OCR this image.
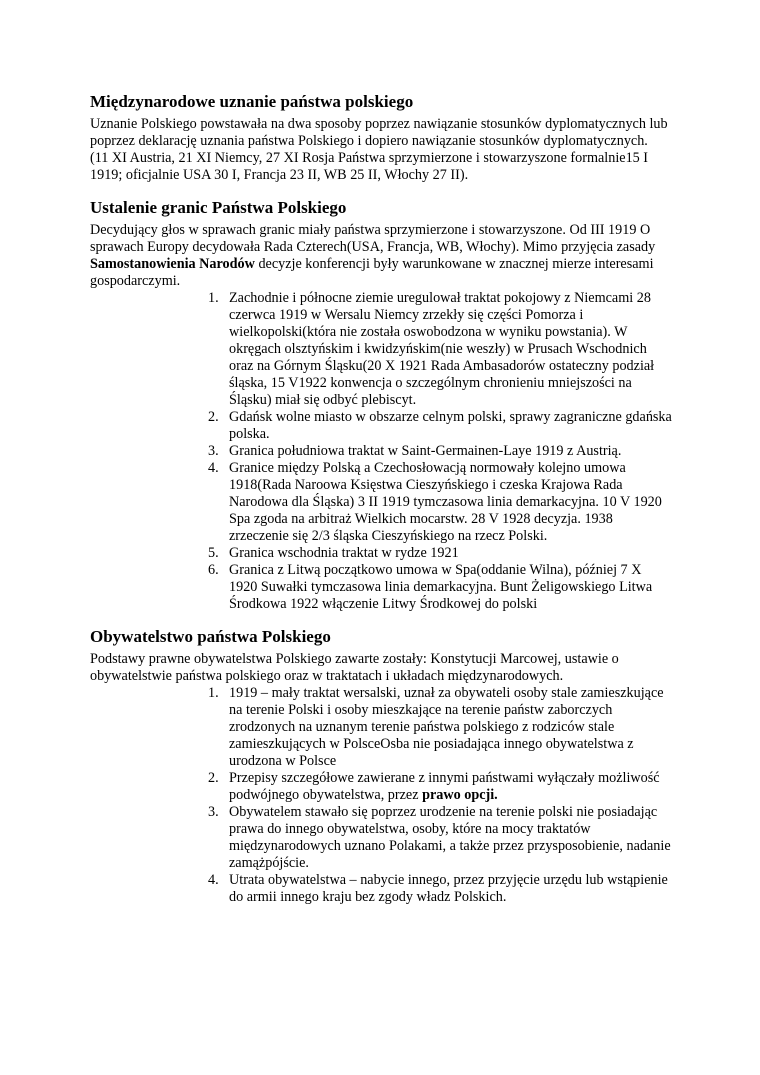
Międzynarodowe uznanie państwa polskiego

Uznanie Polskiego powstawała na dwa sposoby poprzez nawiązanie stosunków dyplomatycznych lub poprzez deklarację uznania państwa Polskiego i dopiero nawiązanie stosunków dyplomatycznych.

(11 XI Austria, 21 XI Niemcy, 27 XI Rosja Państwa sprzymierzone i stowarzyszone formalnie15 I 1919; oficjalnie USA 30 I, Francja 23 II, WB 25 II, Włochy 27 II).

Ustalenie granic Państwa Polskiego

Decydujący głos w sprawach granic miały państwa sprzymierzone i stowarzyszone. Od III 1919 O sprawach Europy decydowała Rada Czterech(USA, Francja, WB, Włochy). Mimo przyjęcia zasady Samostanowienia Narodów decyzje konferencji były warunkowane w znacznej mierze interesami gospodarczymi.

1. Zachodnie i północne ziemie uregulował traktat pokojowy z Niemcami 28 czerwca 1919 w Wersalu Niemcy zrzekły się części Pomorza i wielkopolski(która nie została oswobodzona w wyniku powstania). W okręgach olsztyńskim i kwidzyńskim(nie weszły) w Prusach Wschodnich oraz na Górnym Śląsku(20 X 1921 Rada Ambasadorów ostateczny podział śląska, 15 V1922 konwencja o szczególnym chronieniu mniejszości na Śląsku) miał się odbyć plebiscyt.
2. Gdańsk wolne miasto w obszarze celnym polski, sprawy zagraniczne gdańska polska.
3. Granica południowa traktat w Saint-Germainen-Laye 1919 z Austrią.
4. Granice między Polską a Czechosłowacją normowały kolejno umowa 1918(Rada Naroowa Księstwa Cieszyńskiego i czeska Krajowa Rada Narodowa dla Śląska) 3 II 1919 tymczasowa linia demarkacyjna. 10 V 1920 Spa zgoda na arbitraż Wielkich mocarstw. 28 V 1928 decyzja. 1938 zrzeczenie się 2/3 śląska Cieszyńskiego na rzecz Polski.
5. Granica wschodnia traktat w rydze 1921
6. Granica z Litwą początkowo umowa w Spa(oddanie Wilna), później 7 X 1920 Suwałki tymczasowa linia demarkacyjna. Bunt Żeligowskiego Litwa Środkowa 1922 włączenie Litwy Środkowej do polski
Obywatelstwo państwa Polskiego

Podstawy prawne obywatelstwa Polskiego zawarte zostały: Konstytucji Marcowej, ustawie o obywatelstwie państwa polskiego oraz w traktatach i układach międzynarodowych.

1. 1919 – mały traktat wersalski, uznał za obywateli osoby stale zamieszkujące na terenie Polski i osoby mieszkające na terenie państw zaborczych zrodzonych na uznanym terenie państwa polskiego z rodziców stale zamieszkujących w PolsceOsba nie posiadająca innego obywatelstwa z urodzona w Polsce
2. Przepisy szczegółowe zawierane z innymi państwami wyłączały możliwość podwójnego obywatelstwa, przez prawo opcji.
3. Obywatelem stawało się poprzez urodzenie na terenie polski nie posiadając prawa do innego obywatelstwa, osoby, które na mocy traktatów międzynarodowych uznano Polakami, a także przez przysposobienie, nadanie zamążpójście.
4. Utrata obywatelstwa – nabycie innego, przez przyjęcie urzędu lub wstąpienie do armii innego kraju bez zgody władz Polskich.
